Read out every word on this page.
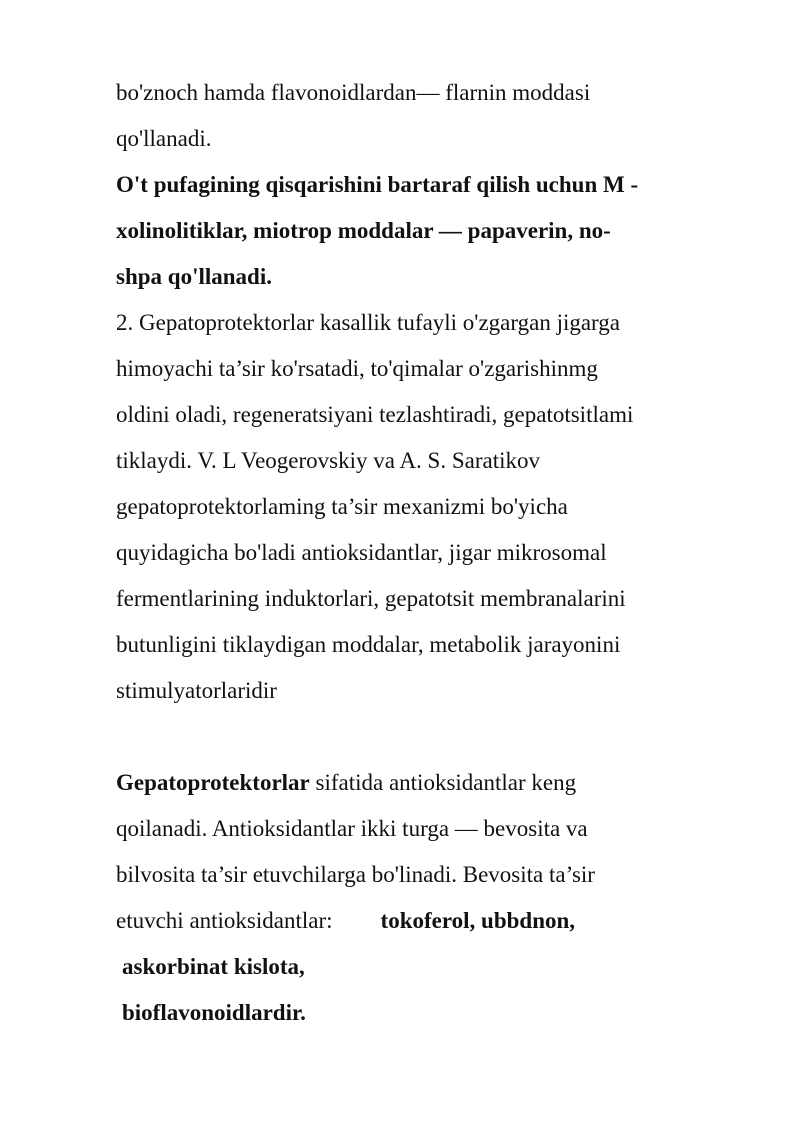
bo'znoch hamda flavonoidlardan— flarnin moddasi
qo'llanadi.
O't pufagining qisqarishini bartaraf qilish uchun M -
xolinolitiklar, miotrop moddalar — papaverin, no-
shpa qo'llanadi.
2. Gepatoprotektorlar kasallik tufayli o'zgargan jigarga
himoyachi ta’sir ko'rsatadi, to'qimalar o'zgarishinmg
oldini oladi, regeneratsiyani tezlashtiradi, gepatotsitlami
tiklaydi. V. L Veogerovskiy va A. S. Saratikov
gepatoprotektorlaming ta’sir mexanizmi bo'yicha
quyidagicha bo'ladi antioksidantlar, jigar mikrosomal
fermentlarining induktorlari, gepatotsit membranalarini
butunligini tiklaydigan moddalar, metabolik jarayonini
stimulyatorlaridir
Gepatoprotektorlar sifatida antioksidantlar keng
qoilanadi. Antioksidantlar ikki turga — bevosita va
bilvosita ta’sir etuvchilarga bo'linadi. Bevosita ta’sir
etuvchi antioksidantlar: tokoferol, ubbdnon,
askorbinat kislota,
bioflavonoidlardir.
